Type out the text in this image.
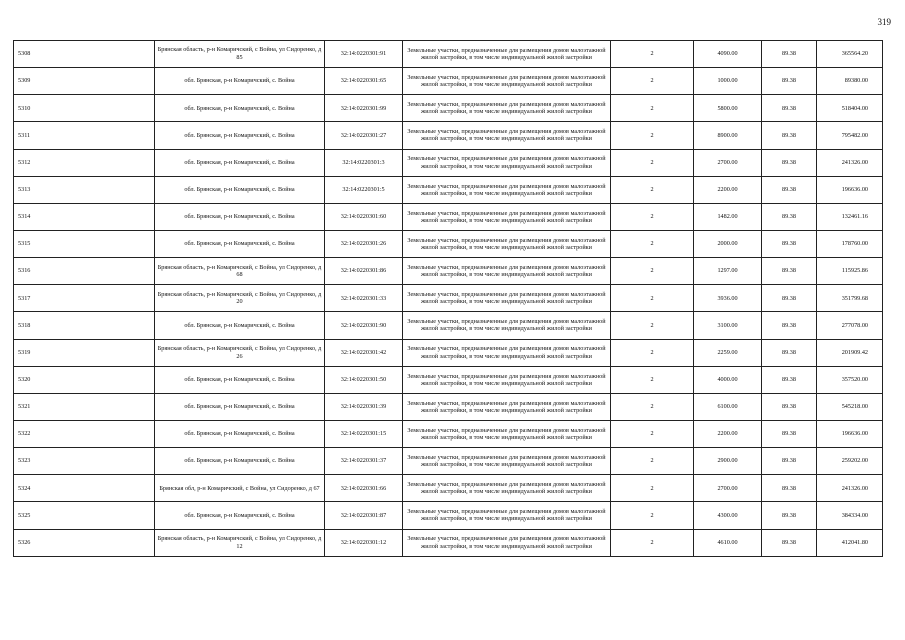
319
5308	Брянская область, р-н Комаричский, с Война, ул Сидоренко, д 85	32:14:0220301:91	Земельные участки, предназначенные для размещения домов малоэтажной жилой застройки, в том числе индивидуальной жилой застройки	2	4090.00	89.38	365564.20
5309	обл. Брянская, р-н Комаричский, с. Война	32:14:0220301:65	Земельные участки, предназначенные для размещения домов малоэтажной жилой застройки, в том числе индивидуальной жилой застройки	2	1000.00	89.38	89380.00
5310	обл. Брянская, р-н Комаричский, с. Война	32:14:0220301:99	Земельные участки, предназначенные для размещения домов малоэтажной жилой застройки, в том числе индивидуальной жилой застройки	2	5800.00	89.38	518404.00
5311	обл. Брянская, р-н Комаричский, с. Война	32:14:0220301:27	Земельные участки, предназначенные для размещения домов малоэтажной жилой застройки, в том числе индивидуальной жилой застройки	2	8900.00	89.38	795482.00
5312	обл. Брянская, р-н Комаричский, с. Война	32:14:0220301:3	Земельные участки, предназначенные для размещения домов малоэтажной жилой застройки, в том числе индивидуальной жилой застройки	2	2700.00	89.38	241326.00
5313	обл. Брянская, р-н Комаричский, с. Война	32:14:0220301:5	Земельные участки, предназначенные для размещения домов малоэтажной жилой застройки, в том числе индивидуальной жилой застройки	2	2200.00	89.38	196636.00
5314	обл. Брянская, р-н Комаричский, с. Война	32:14:0220301:60	Земельные участки, предназначенные для размещения домов малоэтажной жилой застройки, в том числе индивидуальной жилой застройки	2	1482.00	89.38	132461.16
5315	обл. Брянская, р-н Комаричский, с. Война	32:14:0220301:26	Земельные участки, предназначенные для размещения домов малоэтажной жилой застройки, в том числе индивидуальной жилой застройки	2	2000.00	89.38	178760.00
5316	Брянская область, р-н Комаричский, с Война, ул Сидоренко, д 68	32:14:0220301:86	Земельные участки, предназначенные для размещения домов малоэтажной жилой застройки, в том числе индивидуальной жилой застройки	2	1297.00	89.38	115925.86
5317	Брянская область, р-н Комаричский, с Война, ул Сидоренко, д 20	32:14:0220301:33	Земельные участки, предназначенные для размещения домов малоэтажной жилой застройки, в том числе индивидуальной жилой застройки	2	3936.00	89.38	351799.68
5318	обл. Брянская, р-н Комаричский, с. Война	32:14:0220301:90	Земельные участки, предназначенные для размещения домов малоэтажной жилой застройки, в том числе индивидуальной жилой застройки	2	3100.00	89.38	277078.00
5319	Брянская область, р-н Комаричский, с Война, ул Сидоренко, д 26	32:14:0220301:42	Земельные участки, предназначенные для размещения домов малоэтажной жилой застройки, в том числе индивидуальной жилой застройки	2	2259.00	89.38	201909.42
5320	обл. Брянская, р-н Комаричский, с. Война	32:14:0220301:50	Земельные участки, предназначенные для размещения домов малоэтажной жилой застройки, в том числе индивидуальной жилой застройки	2	4000.00	89.38	357520.00
5321	обл. Брянская, р-н Комаричский, с. Война	32:14:0220301:39	Земельные участки, предназначенные для размещения домов малоэтажной жилой застройки, в том числе индивидуальной жилой застройки	2	6100.00	89.38	545218.00
5322	обл. Брянская, р-н Комаричский, с. Война	32:14:0220301:15	Земельные участки, предназначенные для размещения домов малоэтажной жилой застройки, в том числе индивидуальной жилой застройки	2	2200.00	89.38	196636.00
5323	обл. Брянская, р-н Комаричский, с. Война	32:14:0220301:37	Земельные участки, предназначенные для размещения домов малоэтажной жилой застройки, в том числе индивидуальной жилой застройки	2	2900.00	89.38	259202.00
5324	Брянская обл, р-н Комаричский, с Война, ул Сидоренко, д 67	32:14:0220301:66	Земельные участки, предназначенные для размещения домов малоэтажной жилой застройки, в том числе индивидуальной жилой застройки	2	2700.00	89.38	241326.00
5325	обл. Брянская, р-н Комаричский, с. Война	32:14:0220301:87	Земельные участки, предназначенные для размещения домов малоэтажной жилой застройки, в том числе индивидуальной жилой застройки	2	4300.00	89.38	384334.00
5326	Брянская область, р-н Комаричский, с Война, ул Сидоренко, д 12	32:14:0220301:12	Земельные участки, предназначенные для размещения домов малоэтажной жилой застройки, в том числе индивидуальной жилой застройки	2	4610.00	89.38	412041.80
